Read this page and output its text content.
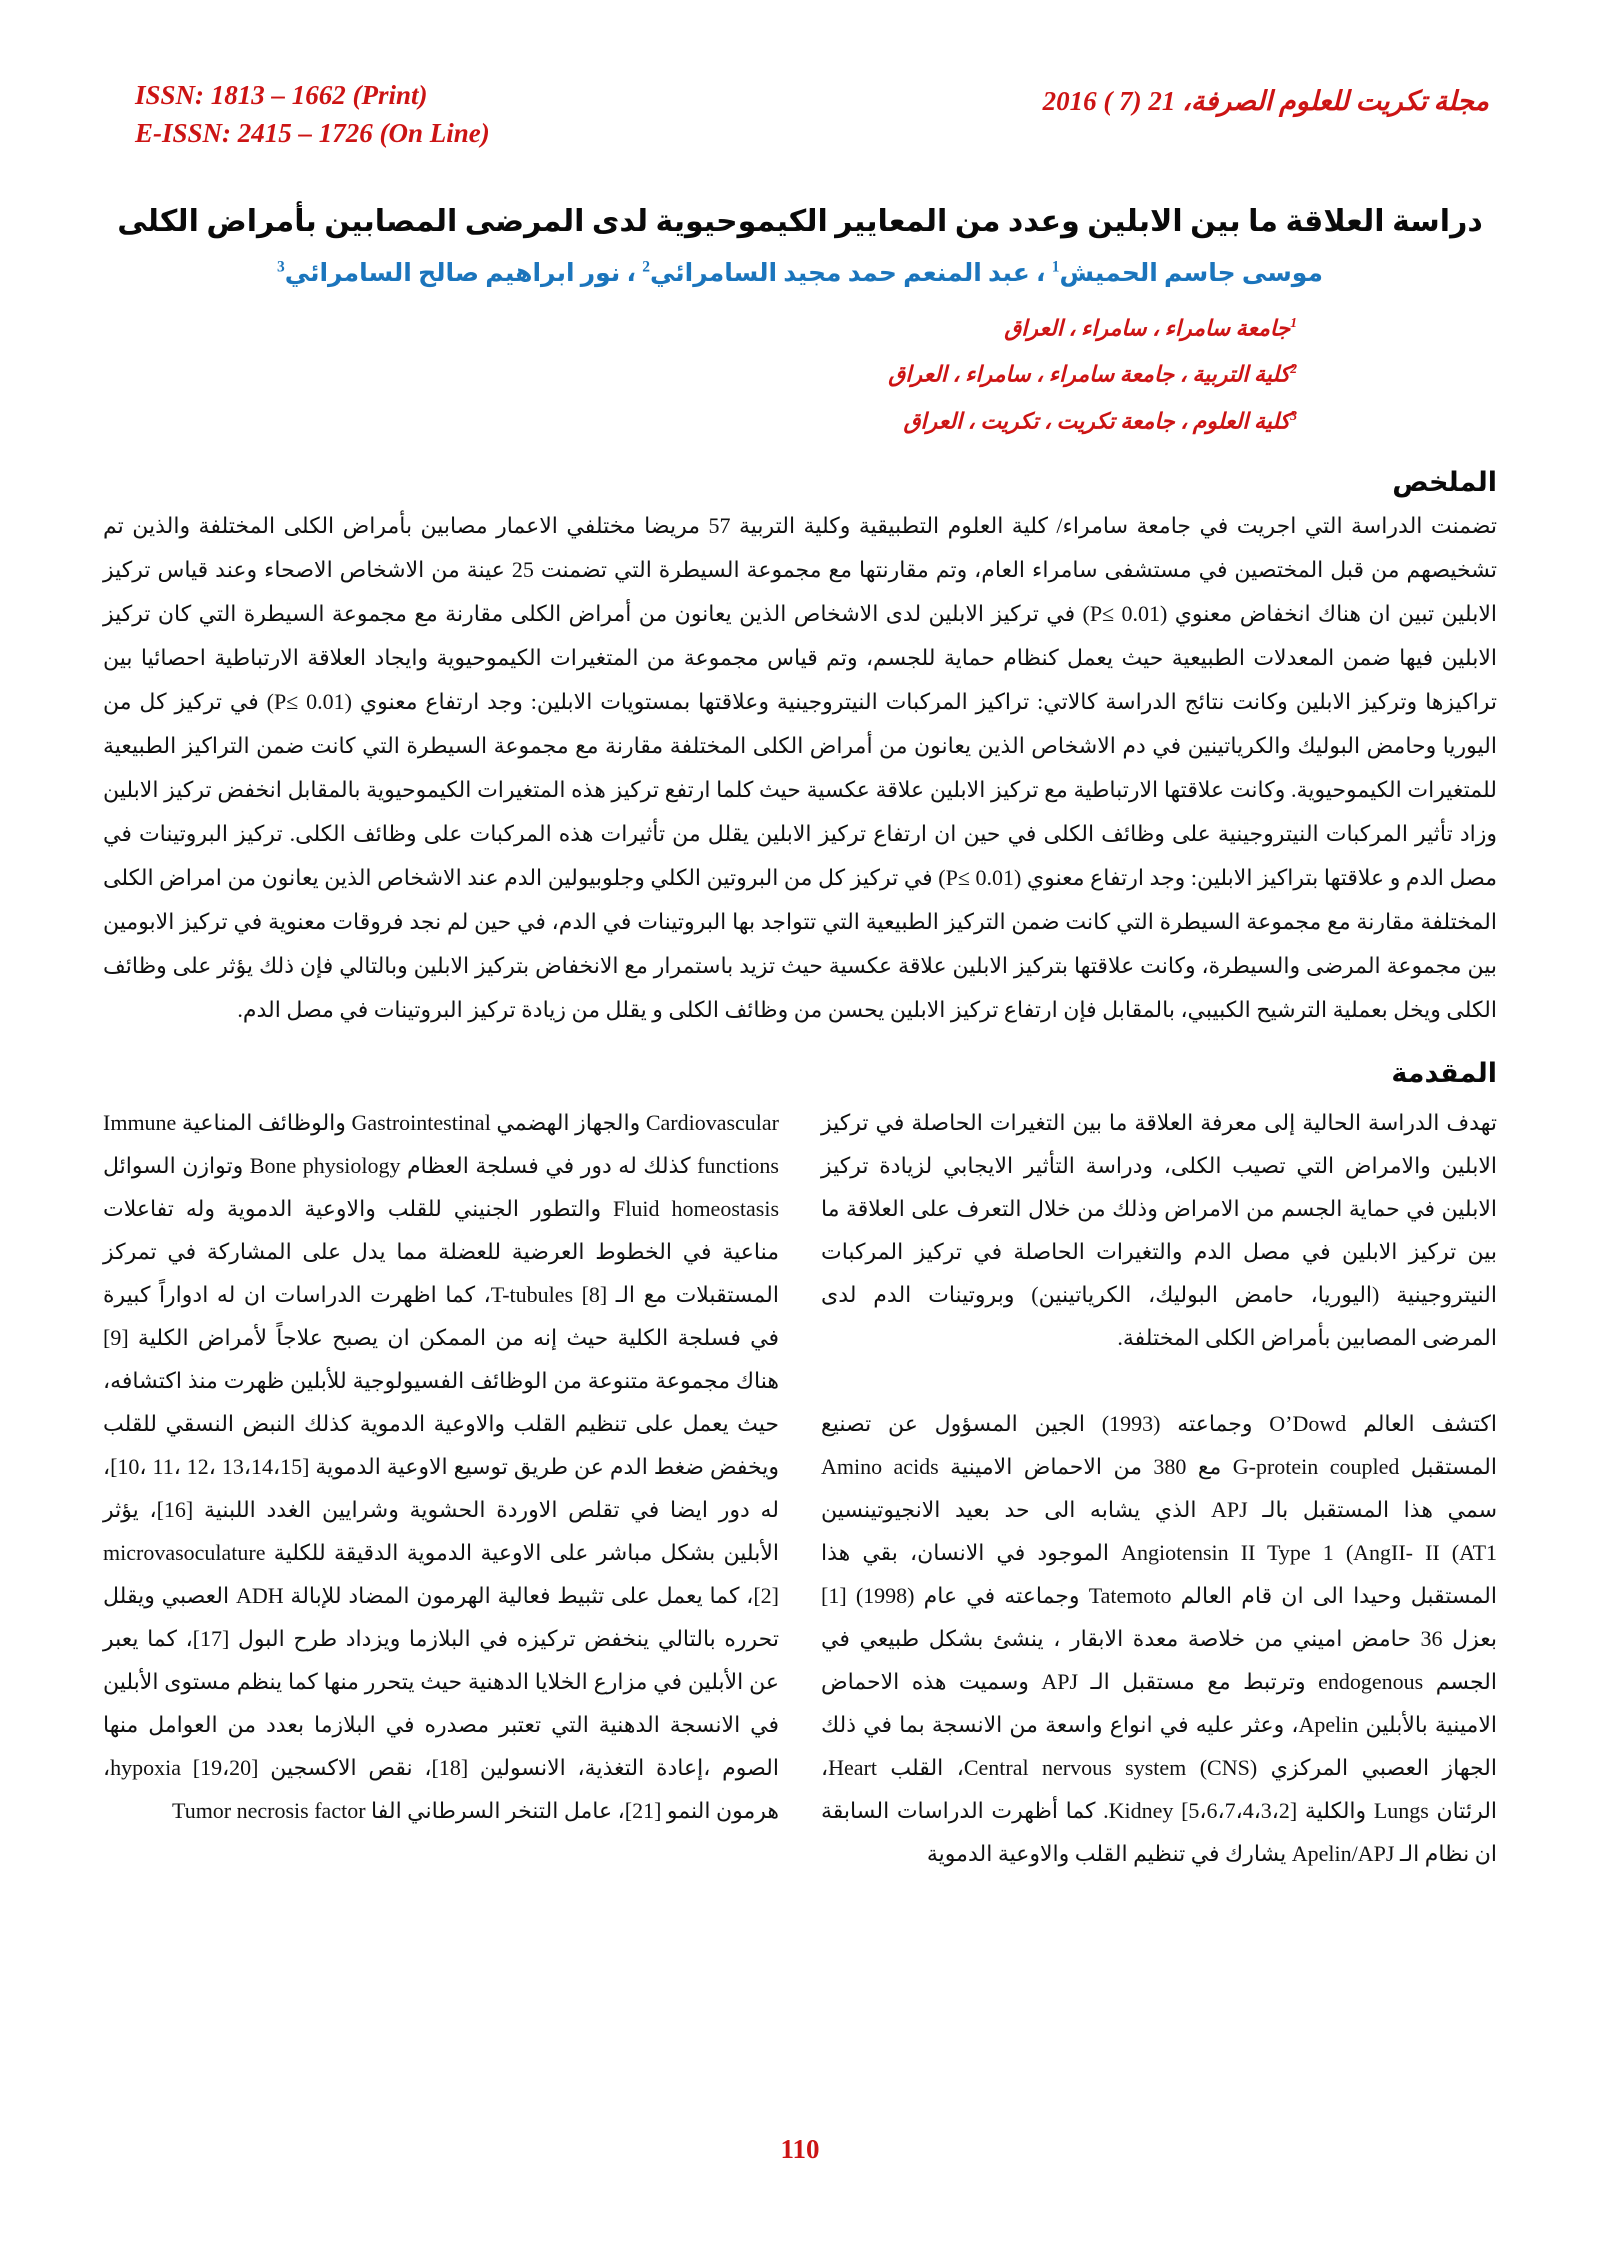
ISSN: 1813 – 1662 (Print)
E-ISSN: 2415 – 1726 (On Line)
مجلة تكريت للعلوم الصرفة، 21 (7 ) 2016
دراسة العلاقة ما بين الابلين وعدد من المعايير الكيموحيوية لدى المرضى المصابين بأمراض الكلى
موسى جاسم الحميش$^1$ ، عبد المنعم حمد مجيد السامرائي$^2$ ، نور ابراهيم صالح السامرائي$^3$
$^1$جامعة سامراء ، سامراء ، العراق
$^2$كلية التربية ، جامعة سامراء ، سامراء ، العراق
$^3$كلية العلوم ، جامعة تكريت ، تكريت ، العراق
الملخص

تضمنت الدراسة التي اجريت في جامعة سامراء/ كلية العلوم التطبيقية وكلية التربية 57 مريضا مختلفي الاعمار مصابين بأمراض الكلى المختلفة والذين تم تشخيصهم من قبل المختصين في مستشفى سامراء العام، وتم مقارنتها مع مجموعة السيطرة التي تضمنت 25 عينة من الاشخاص الاصحاء وعند قياس تركيز الابلين تبين ان هناك انخفاض معنوي (P≤ 0.01) في تركيز الابلين لدى الاشخاص الذين يعانون من أمراض الكلى مقارنة مع مجموعة السيطرة التي كان تركيز الابلين فيها ضمن المعدلات الطبيعية حيث يعمل كنظام حماية للجسم، وتم قياس مجموعة من المتغيرات الكيموحيوية وايجاد العلاقة الارتباطية احصائيا بين تراكيزها وتركيز الابلين وكانت نتائج الدراسة كالاتي: تراكيز المركبات النيتروجينية وعلاقتها بمستويات الابلين: وجد ارتفاع معنوي (P≤ 0.01) في تركيز كل من اليوريا وحامض البوليك والكرياتينين في دم الاشخاص الذين يعانون من أمراض الكلى المختلفة مقارنة مع مجموعة السيطرة التي كانت ضمن التراكيز الطبيعية للمتغيرات الكيموحيوية. وكانت علاقتها الارتباطية مع تركيز الابلين علاقة عكسية حيث كلما ارتفع تركيز هذه المتغيرات الكيموحيوية بالمقابل انخفض تركيز الابلين وزاد تأثير المركبات النيتروجينية على وظائف الكلى في حين ان ارتفاع تركيز الابلين يقلل من تأثيرات هذه المركبات على وظائف الكلى. تركيز البروتينات في مصل الدم و علاقتها بتراكيز الابلين: وجد ارتفاع معنوي (P≤ 0.01) في تركيز كل من البروتين الكلي وجلوبيولين الدم عند الاشخاص الذين يعانون من امراض الكلى المختلفة مقارنة مع مجموعة السيطرة التي كانت ضمن التركيز الطبيعية التي تتواجد بها البروتينات في الدم، في حين لم نجد فروقات معنوية في تركيز الابومين بين مجموعة المرضى والسيطرة، وكانت علاقتها بتركيز الابلين علاقة عكسية حيث تزيد باستمرار مع الانخفاض بتركيز الابلين وبالتالي فإن ذلك يؤثر على وظائف الكلى ويخل بعملية الترشيح الكبيبي، بالمقابل فإن ارتفاع تركيز الابلين يحسن من وظائف الكلى و يقلل من زيادة تركيز البروتينات في مصل الدم.

المقدمة

تهدف الدراسة الحالية إلى معرفة العلاقة ما بين التغيرات الحاصلة في تركيز الابلين والامراض التي تصيب الكلى، ودراسة التأثير الايجابي لزيادة تركيز الابلين في حماية الجسم من الامراض وذلك من خلال التعرف على العلاقة ما بين تركيز الابلين في مصل الدم والتغيرات الحاصلة في تركيز المركبات النيتروجينية (اليوريا، حامض البوليك، الكرياتينين) وبروتينات الدم لدى المرضى المصابين بأمراض الكلى المختلفة.

اكتشف العالم O’Dowd وجماعته (1993) الجين المسؤول عن تصنيع المستقبل G-protein coupled مع 380 من الاحماض الامينية Amino acids سمي هذا المستقبل بالـ APJ الذي يشابه الى حد بعيد الانجيوتينسين ‪Angiotensin II Type 1 (AngII- II (AT1‬ الموجود في الانسان، بقي هذا المستقبل وحيدا الى ان قام العالم Tatemoto وجماعته في عام (1998) [1] بعزل 36 حامض اميني من خلاصة معدة الابقار ، ينشئ بشكل طبيعي في الجسم endogenous وترتبط مع مستقبل الـ APJ وسميت هذه الاحماض الامينية بالأبلين Apelin، وعثر عليه في انواع واسعة من الانسجة بما في ذلك الجهاز العصبي المركزي Central nervous system (CNS)، القلب Heart، الرئتان Lungs والكلية Kidney ‪[5،6،7،4،3،2]‬. كما أظهرت الدراسات السابقة ان نظام الـ Apelin/APJ يشارك في تنظيم القلب والاوعية الدموية

Cardiovascular والجهاز الهضمي Gastrointestinal والوظائف المناعية Immune functions كذلك له دور في فسلجة العظام Bone physiology وتوازن السوائل Fluid homeostasis والتطور الجنيني للقلب والاوعية الدموية وله تفاعلات مناعية في الخطوط العرضية للعضلة مما يدل على المشاركة في تمركز المستقبلات مع الـ T-tubules [8]، كما اظهرت الدراسات ان له ادواراً كبيرة في فسلجة الكلية حيث إنه من الممكن ان يصبح علاجاً لأمراض الكلية [9] هناك مجموعة متنوعة من الوظائف الفسيولوجية للأبلين ظهرت منذ اكتشافه، حيث يعمل على تنظيم القلب والاوعية الدموية كذلك النبض النسقي للقلب ويخفض ضغط الدم عن طريق توسيع الاوعية الدموية ‪[10، 11، 12، 13،14،15]‬، له دور ايضا في تقلص الاوردة الحشوية وشرايين الغدد اللبنية [16]، يؤثر الأبلين بشكل مباشر على الاوعية الدموية الدقيقة للكلية microvasoculature [2]، كما يعمل على تثبيط فعالية الهرمون المضاد للإبالة ADH العصبي ويقلل تحرره بالتالي ينخفض تركيزه في البلازما ويزداد طرح البول [17]، كما يعبر عن الأبلين في مزارع الخلايا الدهنية حيث يتحرر منها كما ينظم مستوى الأبلين في الانسجة الدهنية التي تعتبر مصدره في البلازما بعدد من العوامل منها الصوم ،إعادة التغذية، الانسولين [18]، نقص الاكسجين hypoxia ‪[19،20]‬، هرمون النمو [21]، عامل التنخر السرطاني الفا Tumor necrosis factor

110
